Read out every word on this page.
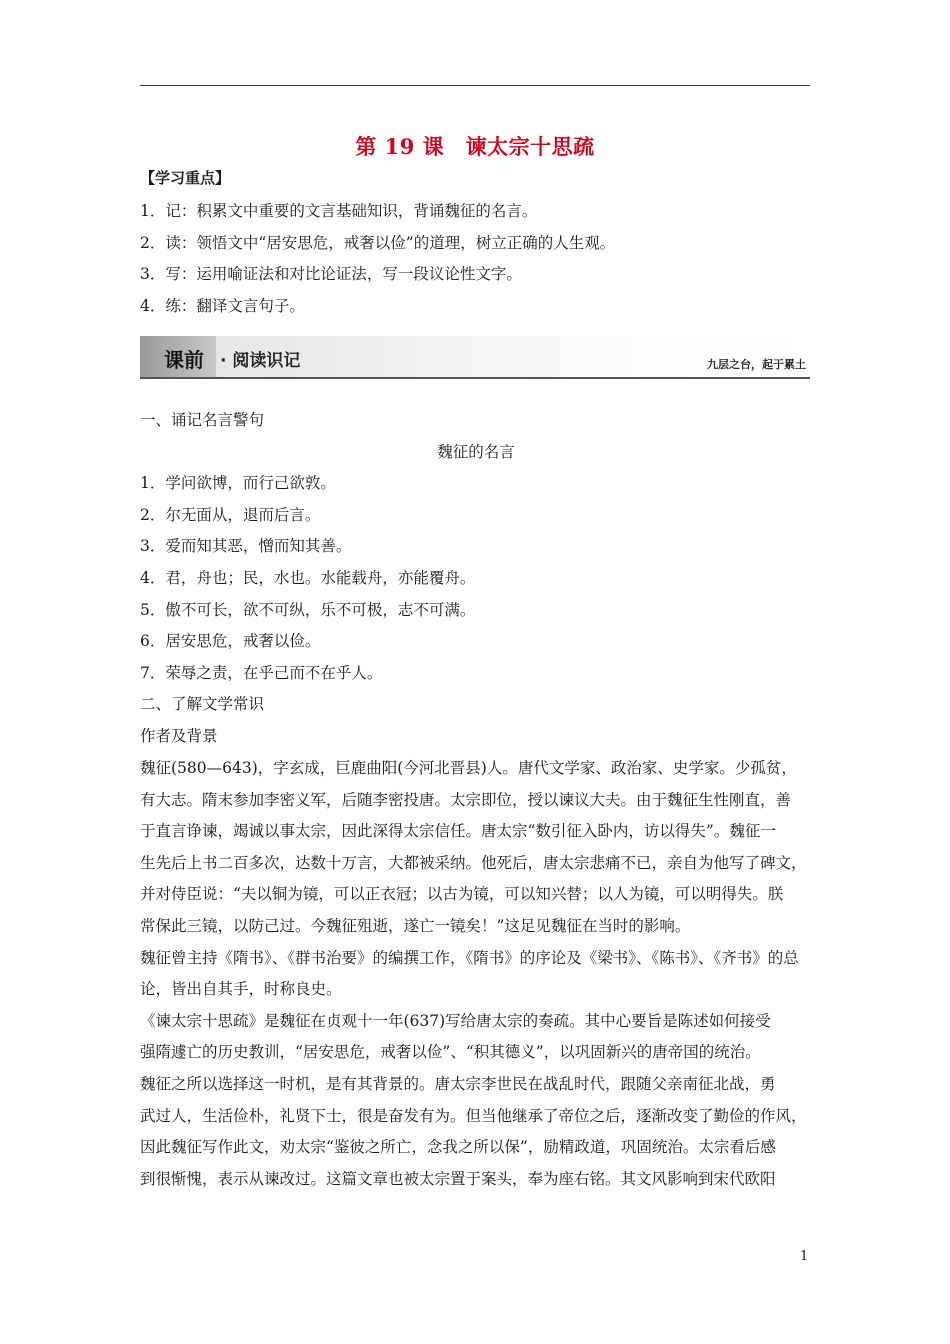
第 19 课　谏太宗十思疏
【学习重点】

1．记：积累文中重要的文言基础知识，背诵魏征的名言。

2．读：领悟文中“居安思危，戒奢以俭”的道理，树立正确的人生观。

3．写：运用喻证法和对比论证法，写一段议论性文字。

4．练：翻译文言句子。

课前 · 阅读识记	九层之台，起于累土

一、诵记名言警句

魏征的名言

1．学问欲博，而行己欲敦。

2．尔无面从，退而后言。

3．爱而知其恶，憎而知其善。

4．君，舟也；民，水也。水能载舟，亦能覆舟。

5．傲不可长，欲不可纵，乐不可极，志不可满。

6．居安思危，戒奢以俭。

7．荣辱之责，在乎己而不在乎人。

二、了解文学常识

作者及背景

魏征(580—643)，字玄成，巨鹿曲阳(今河北晋县)人。唐代文学家、政治家、史学家。少孤贫，

有大志。隋末参加李密义军，后随李密投唐。太宗即位，授以谏议大夫。由于魏征生性刚直，善

于直言诤谏，竭诚以事太宗，因此深得太宗信任。唐太宗“数引征入卧内，访以得失”。魏征一

生先后上书二百多次，达数十万言，大都被采纳。他死后，唐太宗悲痛不已，亲自为他写了碑文，

并对侍臣说：“夫以铜为镜，可以正衣冠；以古为镜，可以知兴替；以人为镜，可以明得失。朕

常保此三镜，以防己过。今魏征殂逝，遂亡一镜矣！”这足见魏征在当时的影响。

魏征曾主持《隋书》、《群书治要》的编撰工作，《隋书》的序论及《梁书》、《陈书》、《齐书》的总

论，皆出自其手，时称良史。

《谏太宗十思疏》是魏征在贞观十一年(637)写给唐太宗的奏疏。其中心要旨是陈述如何接受

强隋遽亡的历史教训，“居安思危，戒奢以俭”、“积其德义”，以巩固新兴的唐帝国的统治。

魏征之所以选择这一时机，是有其背景的。唐太宗李世民在战乱时代，跟随父亲南征北战，勇

武过人，生活俭朴，礼贤下士，很是奋发有为。但当他继承了帝位之后，逐渐改变了勤俭的作风，

因此魏征写作此文，劝太宗“鉴彼之所亡，念我之所以保”，励精政道，巩固统治。太宗看后感

到很惭愧，表示从谏改过。这篇文章也被太宗置于案头，奉为座右铭。其文风影响到宋代欧阳

1
